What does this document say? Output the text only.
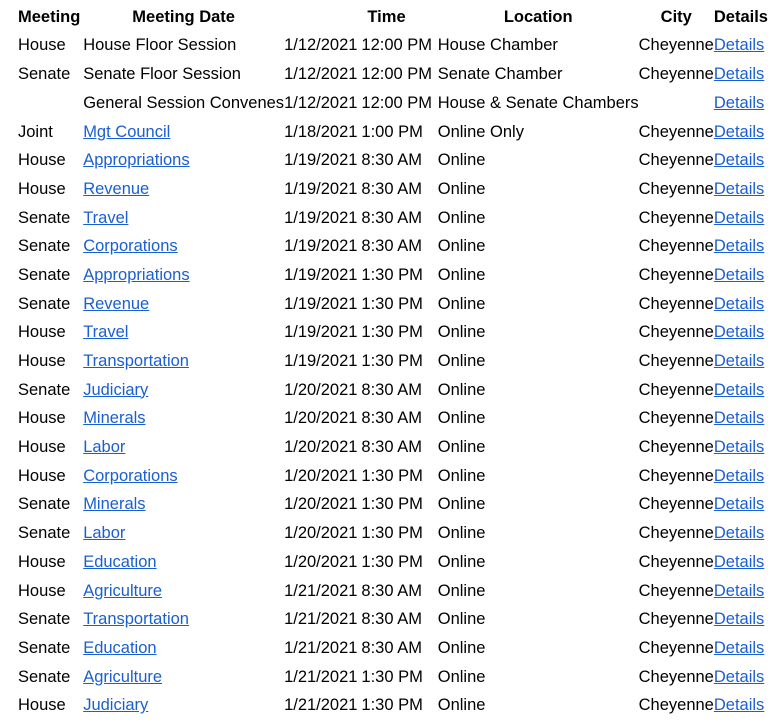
Meeting	Meeting Date		Time	Location	City	Details
House	House Floor Session	1/12/2021	12:00 PM	House Chamber	Cheyenne	Details
Senate	Senate Floor Session	1/12/2021	12:00 PM	Senate Chamber	Cheyenne	Details
	General Session Convenes	1/12/2021	12:00 PM	House & Senate Chambers		Details
Joint	Mgt Council	1/18/2021	1:00 PM	Online Only	Cheyenne	Details
House	Appropriations	1/19/2021	8:30 AM	Online	Cheyenne	Details
House	Revenue	1/19/2021	8:30 AM	Online	Cheyenne	Details
Senate	Travel	1/19/2021	8:30 AM	Online	Cheyenne	Details
Senate	Corporations	1/19/2021	8:30 AM	Online	Cheyenne	Details
Senate	Appropriations	1/19/2021	1:30 PM	Online	Cheyenne	Details
Senate	Revenue	1/19/2021	1:30 PM	Online	Cheyenne	Details
House	Travel	1/19/2021	1:30 PM	Online	Cheyenne	Details
House	Transportation	1/19/2021	1:30 PM	Online	Cheyenne	Details
Senate	Judiciary	1/20/2021	8:30 AM	Online	Cheyenne	Details
House	Minerals	1/20/2021	8:30 AM	Online	Cheyenne	Details
House	Labor	1/20/2021	8:30 AM	Online	Cheyenne	Details
House	Corporations	1/20/2021	1:30 PM	Online	Cheyenne	Details
Senate	Minerals	1/20/2021	1:30 PM	Online	Cheyenne	Details
Senate	Labor	1/20/2021	1:30 PM	Online	Cheyenne	Details
House	Education	1/20/2021	1:30 PM	Online	Cheyenne	Details
House	Agriculture	1/21/2021	8:30 AM	Online	Cheyenne	Details
Senate	Transportation	1/21/2021	8:30 AM	Online	Cheyenne	Details
Senate	Education	1/21/2021	8:30 AM	Online	Cheyenne	Details
Senate	Agriculture	1/21/2021	1:30 PM	Online	Cheyenne	Details
House	Judiciary	1/21/2021	1:30 PM	Online	Cheyenne	Details
